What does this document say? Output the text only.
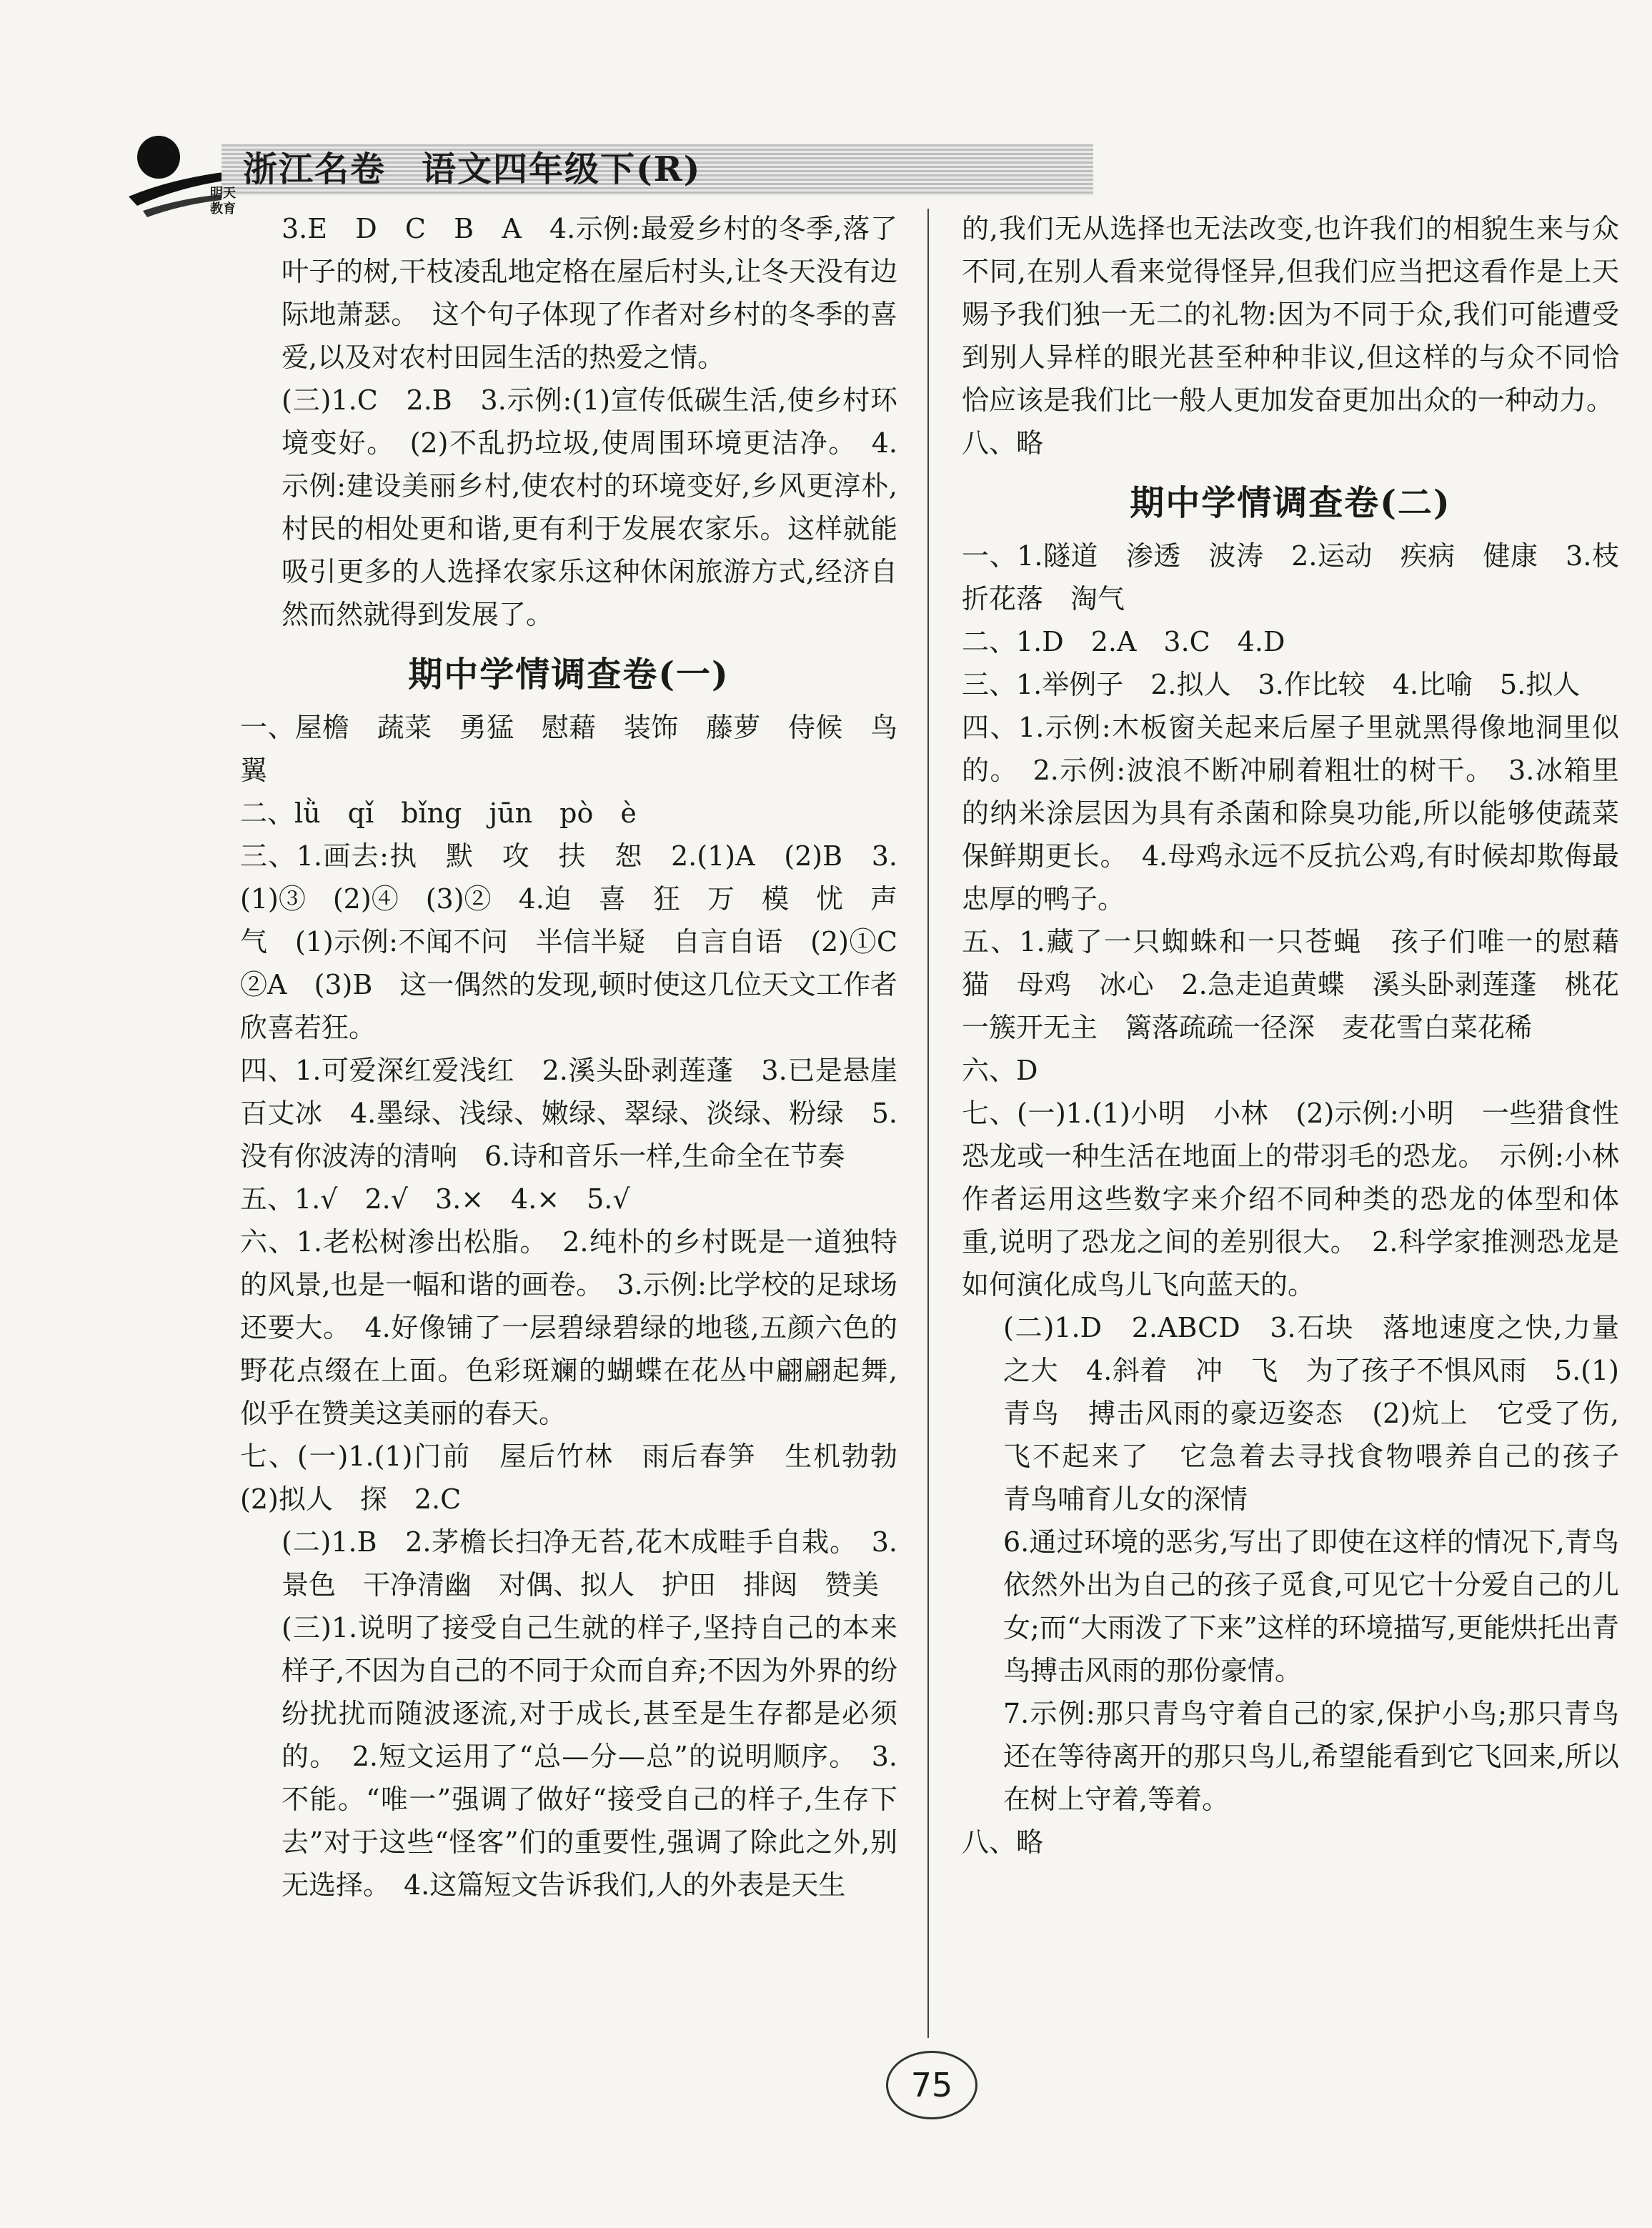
浙江名卷　语文四年级下(R)
明天教育

3.E　D　C　B　A　4.示例:最爱乡村的冬季,落了叶子的树,干枝凌乱地定格在屋后村头,让冬天没有边际地萧瑟。　这个句子体现了作者对乡村的冬季的喜爱,以及对农村田园生活的热爱之情。

(三)1.C　2.B　3.示例:(1)宣传低碳生活,使乡村环境变好。　(2)不乱扔垃圾,使周围环境更洁净。　4.示例:建设美丽乡村,使农村的环境变好,乡风更淳朴,村民的相处更和谐,更有利于发展农家乐。这样就能吸引更多的人选择农家乐这种休闲旅游方式,经济自然而然就得到发展了。

期中学情调查卷(一)

一、屋檐　蔬菜　勇猛　慰藉　装饰　藤萝　侍候　鸟翼

二、lǜ　qǐ　bǐng　jūn　pò　è

三、1.画去:执　默　攻　扶　恕　2.(1)A　(2)B　3.(1)③　(2)④　(3)②　4.迫　喜　狂　万　模　忧　声　气　(1)示例:不闻不问　半信半疑　自言自语　(2)①C　②A　(3)B　这一偶然的发现,顿时使这几位天文工作者欣喜若狂。

四、1.可爱深红爱浅红　2.溪头卧剥莲蓬　3.已是悬崖百丈冰　4.墨绿、浅绿、嫩绿、翠绿、淡绿、粉绿　5.没有你波涛的清响　6.诗和音乐一样,生命全在节奏

五、1.√　2.√　3.×　4.×　5.√

六、1.老松树渗出松脂。　2.纯朴的乡村既是一道独特的风景,也是一幅和谐的画卷。　3.示例:比学校的足球场还要大。　4.好像铺了一层碧绿碧绿的地毯,五颜六色的野花点缀在上面。色彩斑斓的蝴蝶在花丛中翩翩起舞,似乎在赞美这美丽的春天。

七、(一)1.(1)门前　屋后竹林　雨后春笋　生机勃勃　(2)拟人　探　2.C

(二)1.B　2.茅檐长扫净无苔,花木成畦手自栽。　3.景色　干净清幽　对偶、拟人　护田　排闼　赞美

(三)1.说明了接受自己生就的样子,坚持自己的本来样子,不因为自己的不同于众而自弃;不因为外界的纷纷扰扰而随波逐流,对于成长,甚至是生存都是必须的。　2.短文运用了“总—分—总”的说明顺序。　3.不能。“唯一”强调了做好“接受自己的样子,生存下去”对于这些“怪客”们的重要性,强调了除此之外,别无选择。　4.这篇短文告诉我们,人的外表是天生

的,我们无从选择也无法改变,也许我们的相貌生来与众不同,在别人看来觉得怪异,但我们应当把这看作是上天赐予我们独一无二的礼物:因为不同于众,我们可能遭受到别人异样的眼光甚至种种非议,但这样的与众不同恰恰应该是我们比一般人更加发奋更加出众的一种动力。

八、略

期中学情调查卷(二)

一、1.隧道　渗透　波涛　2.运动　疾病　健康　3.枝折花落　淘气

二、1.D　2.A　3.C　4.D

三、1.举例子　2.拟人　3.作比较　4.比喻　5.拟人

四、1.示例:木板窗关起来后屋子里就黑得像地洞里似的。　2.示例:波浪不断冲刷着粗壮的树干。　3.冰箱里的纳米涂层因为具有杀菌和除臭功能,所以能够使蔬菜保鲜期更长。　4.母鸡永远不反抗公鸡,有时候却欺侮最忠厚的鸭子。

五、1.藏了一只蜘蛛和一只苍蝇　孩子们唯一的慰藉　猫　母鸡　冰心　2.急走追黄蝶　溪头卧剥莲蓬　桃花一簇开无主　篱落疏疏一径深　麦花雪白菜花稀

六、D

七、(一)1.(1)小明　小林　(2)示例:小明　一些猎食性恐龙或一种生活在地面上的带羽毛的恐龙。　示例:小林　作者运用这些数字来介绍不同种类的恐龙的体型和体重,说明了恐龙之间的差别很大。　2.科学家推测恐龙是如何演化成鸟儿飞向蓝天的。

(二)1.D　2.ABCD　3.石块　落地速度之快,力量之大　4.斜着　冲　飞　为了孩子不惧风雨　5.(1)青鸟　搏击风雨的豪迈姿态　(2)炕上　它受了伤,飞不起来了　它急着去寻找食物喂养自己的孩子　青鸟哺育儿女的深情

6.通过环境的恶劣,写出了即使在这样的情况下,青鸟依然外出为自己的孩子觅食,可见它十分爱自己的儿女;而“大雨泼了下来”这样的环境描写,更能烘托出青鸟搏击风雨的那份豪情。

7.示例:那只青鸟守着自己的家,保护小鸟;那只青鸟还在等待离开的那只鸟儿,希望能看到它飞回来,所以在树上守着,等着。

八、略

75
